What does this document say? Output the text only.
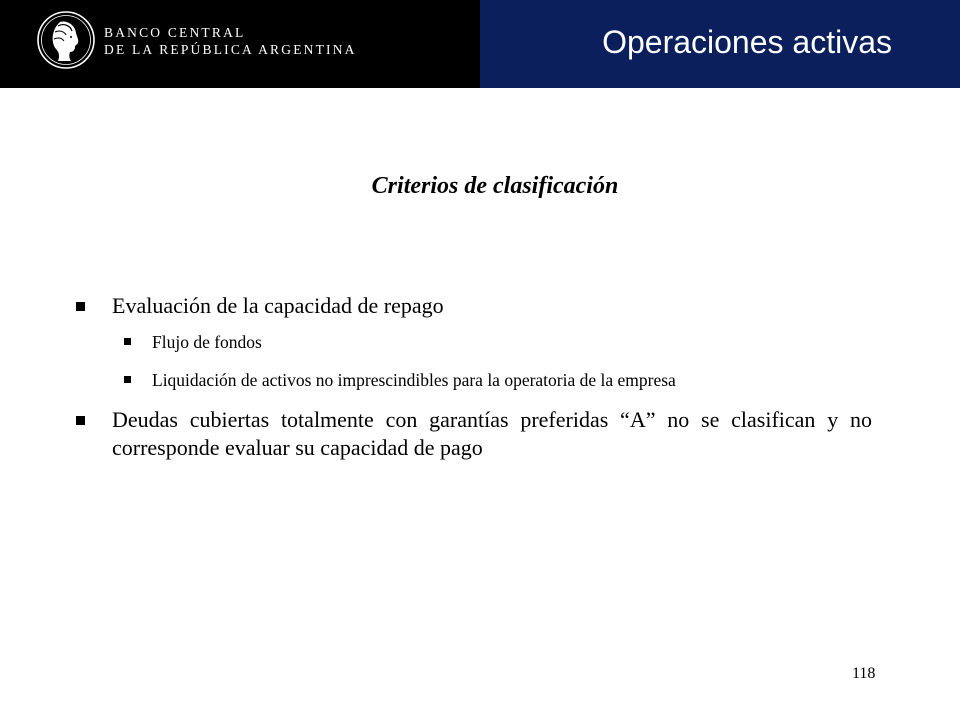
BANCO CENTRAL
DE LA REPÚBLICA ARGENTINA	Operaciones activas
Criterios de clasificación
Evaluación de la capacidad de repago
Flujo de fondos
Liquidación de activos no imprescindibles para la operatoria de la empresa
Deudas cubiertas totalmente con garantías preferidas “A” no se clasifican y no corresponde evaluar su capacidad de pago
118
